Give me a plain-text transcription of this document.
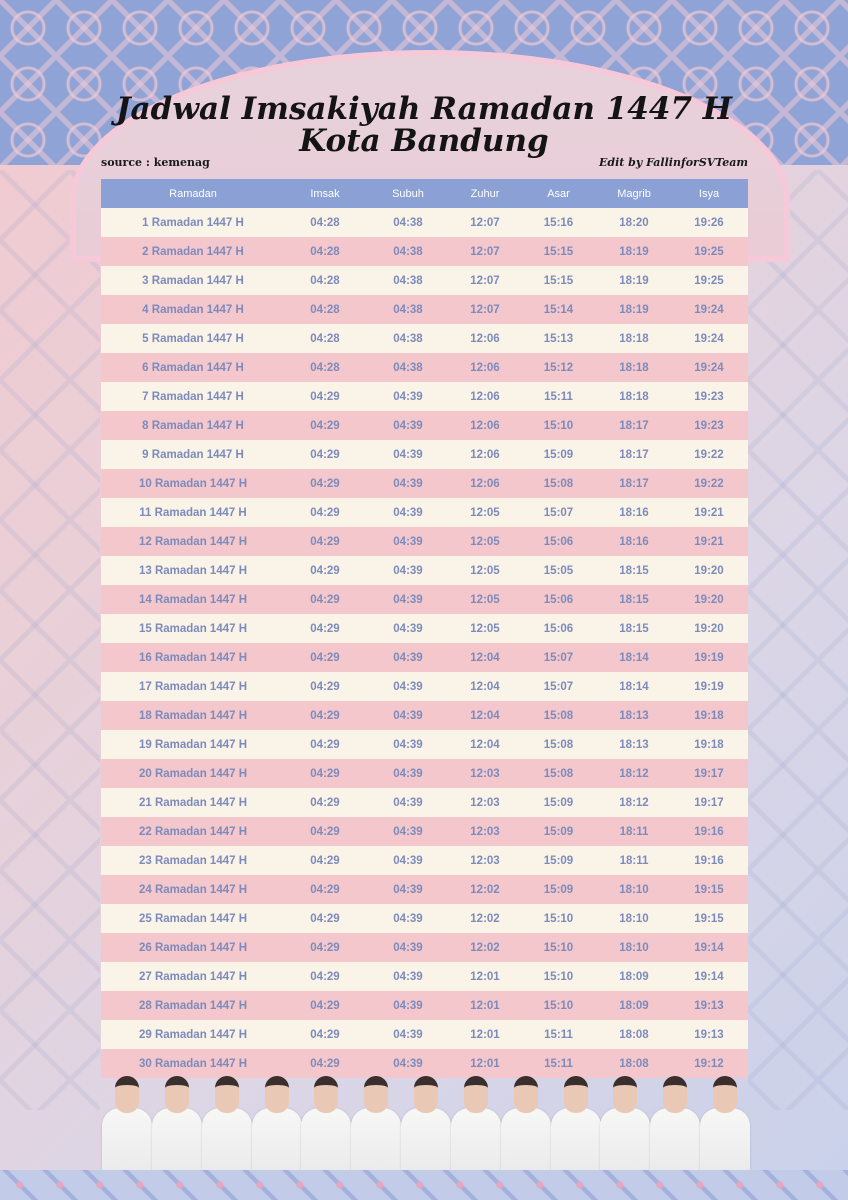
Jadwal Imsakiyah Ramadan 1447 H
Kota Bandung
source : kemenag	Edit by FallinforSVTeam
Ramadan	Imsak	Subuh	Zuhur	Asar	Magrib	Isya
1 Ramadan 1447 H	04:28	04:38	12:07	15:16	18:20	19:26
2 Ramadan 1447 H	04:28	04:38	12:07	15:15	18:19	19:25
3 Ramadan 1447 H	04:28	04:38	12:07	15:15	18:19	19:25
4 Ramadan 1447 H	04:28	04:38	12:07	15:14	18:19	19:24
5 Ramadan 1447 H	04:28	04:38	12:06	15:13	18:18	19:24
6 Ramadan 1447 H	04:28	04:38	12:06	15:12	18:18	19:24
7 Ramadan 1447 H	04:29	04:39	12:06	15:11	18:18	19:23
8 Ramadan 1447 H	04:29	04:39	12:06	15:10	18:17	19:23
9 Ramadan 1447 H	04:29	04:39	12:06	15:09	18:17	19:22
10 Ramadan 1447 H	04:29	04:39	12:06	15:08	18:17	19:22
11 Ramadan 1447 H	04:29	04:39	12:05	15:07	18:16	19:21
12 Ramadan 1447 H	04:29	04:39	12:05	15:06	18:16	19:21
13 Ramadan 1447 H	04:29	04:39	12:05	15:05	18:15	19:20
14 Ramadan 1447 H	04:29	04:39	12:05	15:06	18:15	19:20
15 Ramadan 1447 H	04:29	04:39	12:05	15:06	18:15	19:20
16 Ramadan 1447 H	04:29	04:39	12:04	15:07	18:14	19:19
17 Ramadan 1447 H	04:29	04:39	12:04	15:07	18:14	19:19
18 Ramadan 1447 H	04:29	04:39	12:04	15:08	18:13	19:18
19 Ramadan 1447 H	04:29	04:39	12:04	15:08	18:13	19:18
20 Ramadan 1447 H	04:29	04:39	12:03	15:08	18:12	19:17
21 Ramadan 1447 H	04:29	04:39	12:03	15:09	18:12	19:17
22 Ramadan 1447 H	04:29	04:39	12:03	15:09	18:11	19:16
23 Ramadan 1447 H	04:29	04:39	12:03	15:09	18:11	19:16
24 Ramadan 1447 H	04:29	04:39	12:02	15:09	18:10	19:15
25 Ramadan 1447 H	04:29	04:39	12:02	15:10	18:10	19:15
26 Ramadan 1447 H	04:29	04:39	12:02	15:10	18:10	19:14
27 Ramadan 1447 H	04:29	04:39	12:01	15:10	18:09	19:14
28 Ramadan 1447 H	04:29	04:39	12:01	15:10	18:09	19:13
29 Ramadan 1447 H	04:29	04:39	12:01	15:11	18:08	19:13
30 Ramadan 1447 H	04:29	04:39	12:01	15:11	18:08	19:12
